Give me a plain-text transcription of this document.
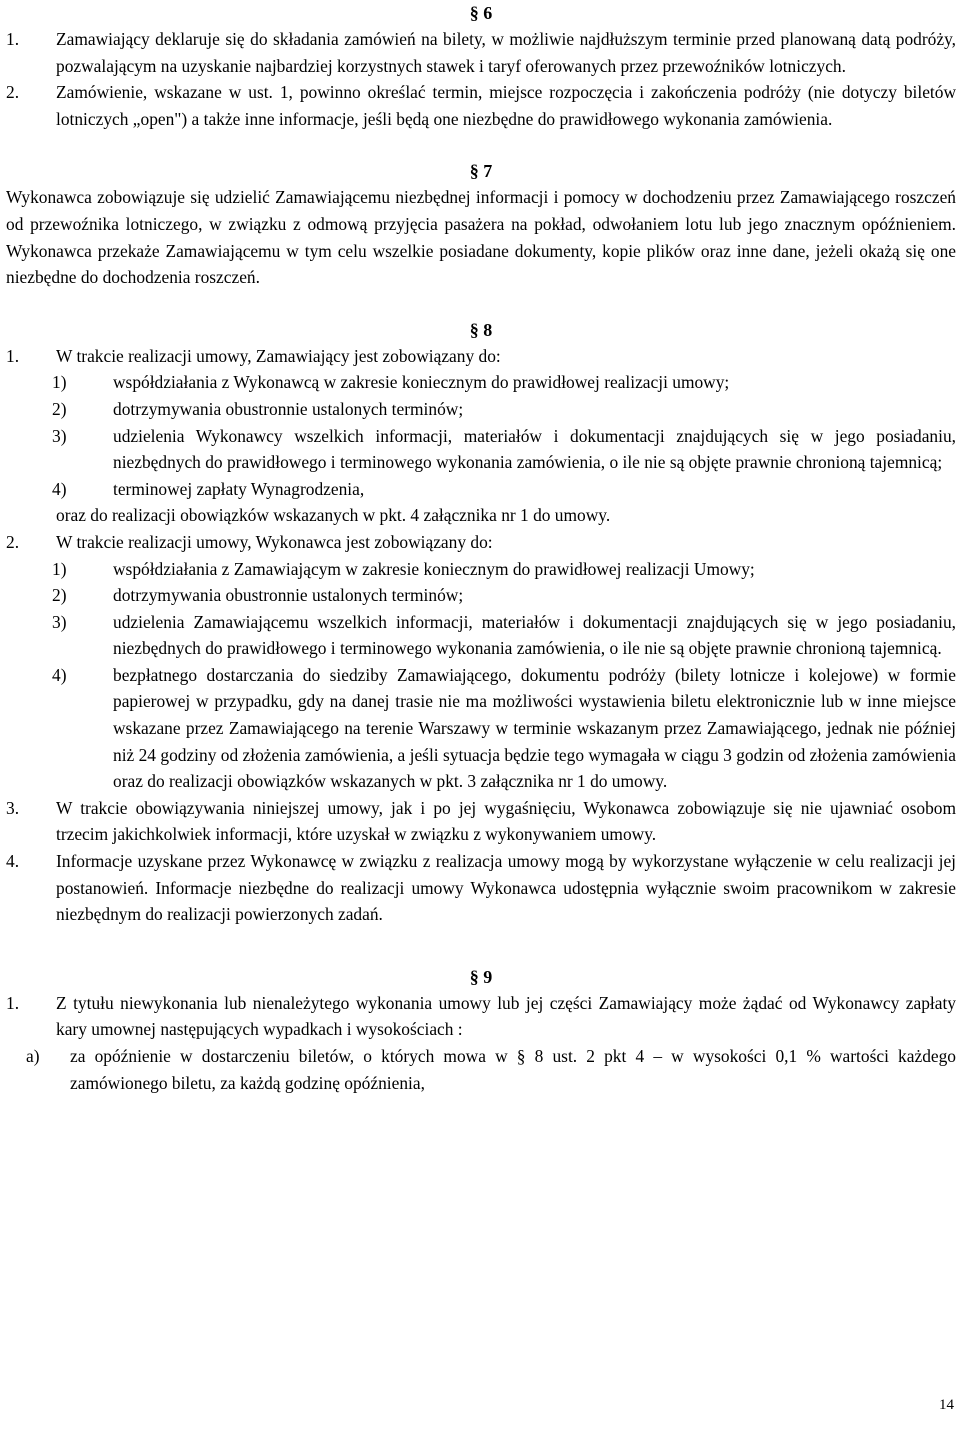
§ 6
1. Zamawiający deklaruje się do składania zamówień na bilety, w możliwie najdłuższym terminie przed planowaną datą podróży, pozwalającym na uzyskanie najbardziej korzystnych stawek i taryf oferowanych przez przewoźników lotniczych.
2. Zamówienie, wskazane w ust. 1, powinno określać termin, miejsce rozpoczęcia i zakończenia podróży (nie dotyczy biletów lotniczych „open") a także inne informacje, jeśli będą one niezbędne do prawidłowego wykonania zamówienia.
§ 7
Wykonawca zobowiązuje się udzielić Zamawiającemu niezbędnej informacji i pomocy w dochodzeniu przez Zamawiającego roszczeń od przewoźnika lotniczego, w związku z odmową przyjęcia pasażera na pokład, odwołaniem lotu lub jego znacznym opóźnieniem. Wykonawca przekaże Zamawiającemu w tym celu wszelkie posiadane dokumenty, kopie plików oraz inne dane, jeżeli okażą się one niezbędne do dochodzenia roszczeń.
§ 8
1. W trakcie realizacji umowy, Zamawiający jest zobowiązany do:
1)	współdziałania z Wykonawcą w zakresie koniecznym do prawidłowej realizacji umowy;
2)	dotrzymywania obustronnie ustalonych terminów;
3)	udzielenia Wykonawcy wszelkich informacji, materiałów i dokumentacji znajdujących się w jego posiadaniu, niezbędnych do prawidłowego i terminowego wykonania zamówienia, o ile nie są objęte prawnie chronioną tajemnicą;
4)	terminowej zapłaty Wynagrodzenia,
oraz do realizacji obowiązków wskazanych w pkt. 4 załącznika nr 1 do umowy.
2. W trakcie realizacji umowy, Wykonawca jest zobowiązany do:
1)	współdziałania z Zamawiającym w zakresie koniecznym do prawidłowej realizacji Umowy;
2)	dotrzymywania obustronnie ustalonych terminów;
3)	udzielenia Zamawiającemu wszelkich informacji, materiałów i dokumentacji znajdujących się w jego posiadaniu, niezbędnych do prawidłowego i terminowego wykonania zamówienia, o ile nie są objęte prawnie chronioną tajemnicą.
4)	bezpłatnego dostarczania do siedziby Zamawiającego, dokumentu podróży (bilety lotnicze i kolejowe) w formie papierowej w przypadku, gdy na danej trasie nie ma możliwości wystawienia biletu elektronicznie lub w inne miejsce wskazane przez Zamawiającego na terenie Warszawy w terminie wskazanym przez Zamawiającego, jednak nie później niż 24 godziny od złożenia zamówienia, a jeśli sytuacja będzie tego wymagała w ciągu 3 godzin od złożenia zamówienia oraz do realizacji obowiązków wskazanych w pkt. 3 załącznika nr 1 do umowy.
3. W trakcie obowiązywania niniejszej umowy, jak i po jej wygaśnięciu, Wykonawca zobowiązuje się nie ujawniać osobom trzecim jakichkolwiek informacji, które uzyskał w związku z wykonywaniem umowy.
4. Informacje uzyskane przez Wykonawcę w związku z realizacja umowy mogą by wykorzystane wyłączenie w celu realizacji jej postanowień. Informacje niezbędne do realizacji umowy Wykonawca udostępnia wyłącznie swoim pracownikom w zakresie niezbędnym do realizacji powierzonych zadań.
§ 9
1. Z tytułu niewykonania lub nienależytego wykonania umowy lub jej części Zamawiający może żądać od Wykonawcy zapłaty kary umownej następujących wypadkach i wysokościach :
a) za opóźnienie w dostarczeniu biletów, o których mowa w § 8 ust. 2 pkt 4 – w wysokości 0,1 % wartości każdego zamówionego biletu, za każdą godzinę opóźnienia,
14
